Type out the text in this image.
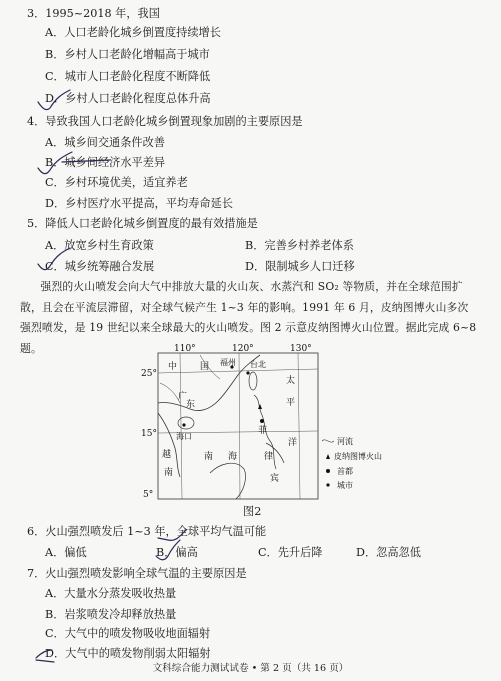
3．1995~2018 年，我国
A．人口老龄化城乡倒置度持续增长
B．乡村人口老龄化增幅高于城市
C．城市人口老龄化程度不断降低
D．乡村人口老龄化程度总体升高
4．导致我国人口老龄化城乡倒置现象加剧的主要原因是
A．城乡间交通条件改善
B．城乡间经济水平差异
C．乡村环境优美，适宜养老
D．乡村医疗水平提高，平均寿命延长
5．降低人口老龄化城乡倒置度的最有效措施是
A．放宽乡村生育政策	B．完善乡村养老体系
C．城乡统筹融合发展	D．限制城乡人口迁移
强烈的火山喷发会向大气中排放大量的火山灰、水蒸汽和 SO₂ 等物质，并在全球范围扩散，且会在平流层滞留，对全球气候产生 1~3 年的影响。1991 年 6 月，皮纳图博火山多次强烈喷发，是 19 世纪以来全球最大的火山喷发。图 2 示意皮纳图博火山位置。据此完成 6~8 题。	110°	120°	130°
25°
15°
5°
中	国 福州 台北
广
东
海口
越
南
南 海
菲
律
宾
太
平
洋	河流
皮纳图博火山
首都
城市
图2
6．火山强烈喷发后 1~3 年，全球平均气温可能
A．偏低	B．偏高	C．先升后降	D．忽高忽低
7．火山强烈喷发影响全球气温的主要原因是
A．大量水分蒸发吸收热量
B．岩浆喷发冷却释放热量
C．大气中的喷发物吸收地面辐射
D．大气中的喷发物削弱太阳辐射
文科综合能力测试试卷 • 第 2 页（共 16 页）
